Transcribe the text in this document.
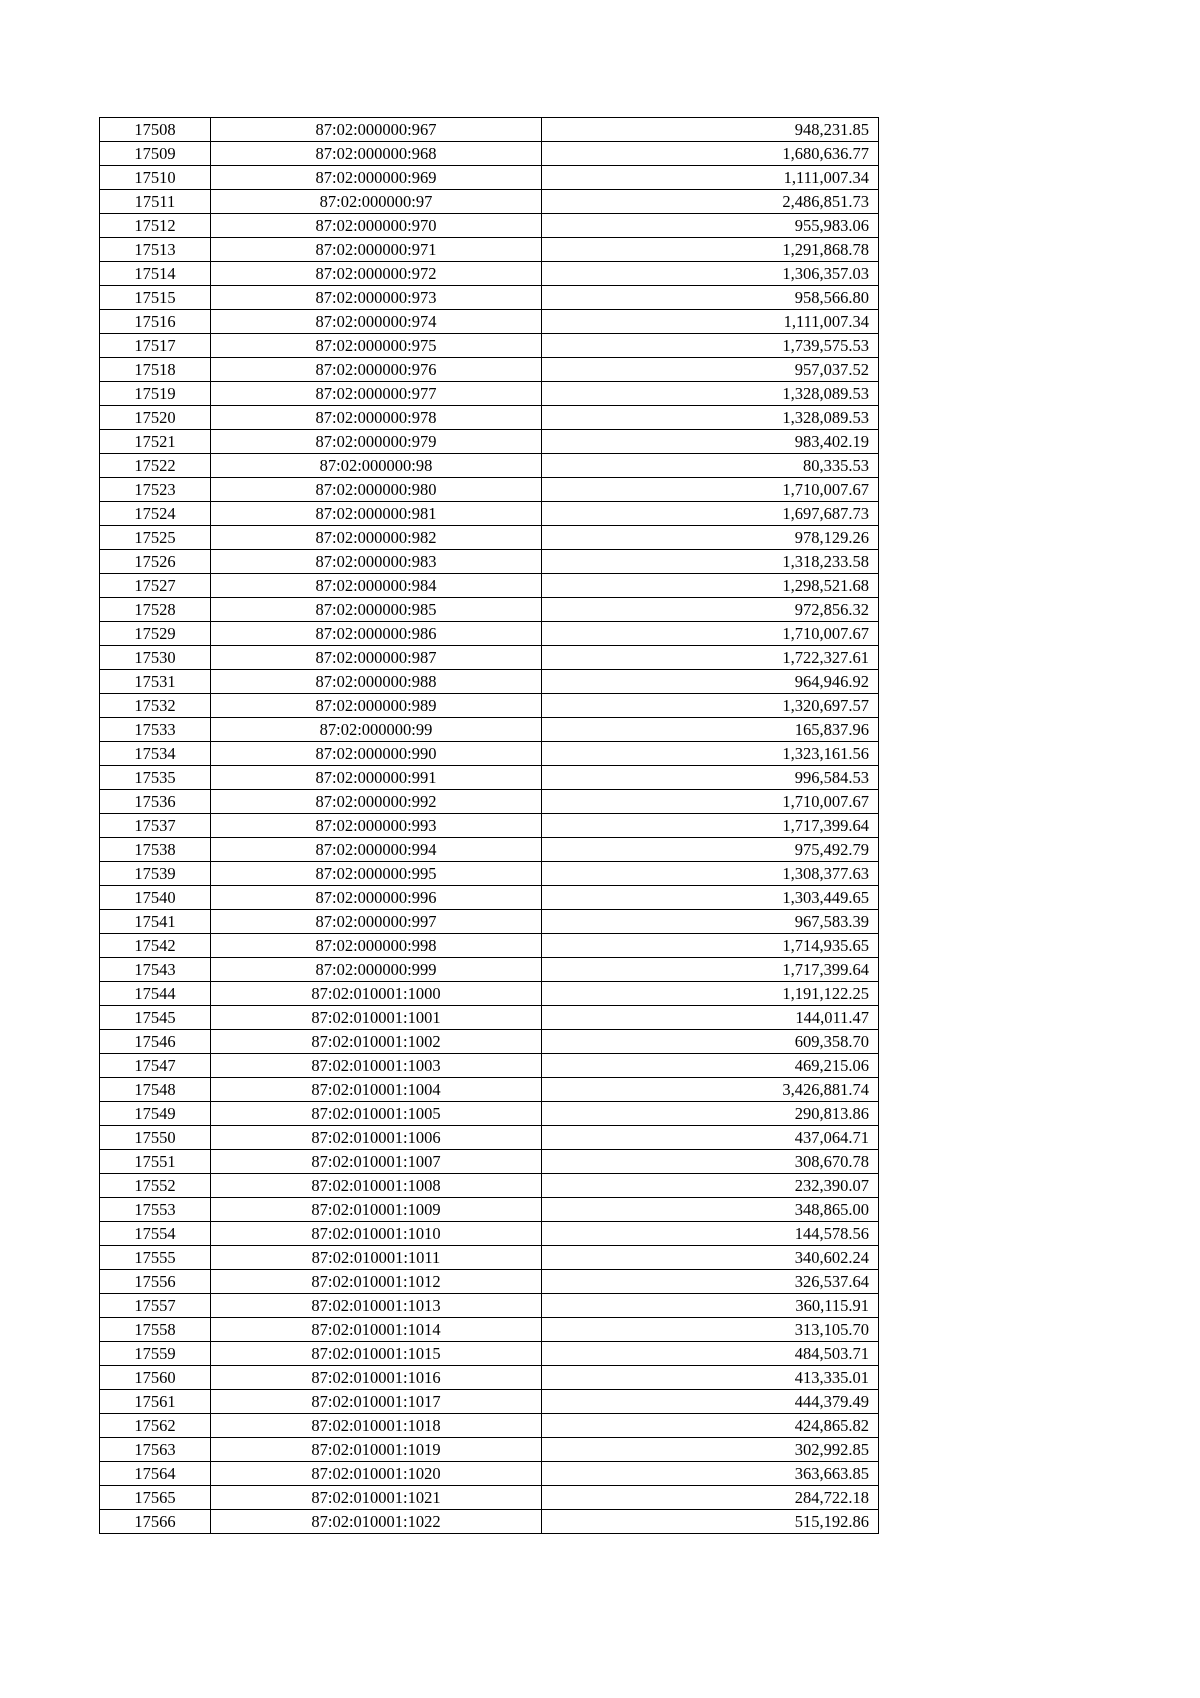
17508	87:02:000000:967	948,231.85
17509	87:02:000000:968	1,680,636.77
17510	87:02:000000:969	1,111,007.34
17511	87:02:000000:97	2,486,851.73
17512	87:02:000000:970	955,983.06
17513	87:02:000000:971	1,291,868.78
17514	87:02:000000:972	1,306,357.03
17515	87:02:000000:973	958,566.80
17516	87:02:000000:974	1,111,007.34
17517	87:02:000000:975	1,739,575.53
17518	87:02:000000:976	957,037.52
17519	87:02:000000:977	1,328,089.53
17520	87:02:000000:978	1,328,089.53
17521	87:02:000000:979	983,402.19
17522	87:02:000000:98	80,335.53
17523	87:02:000000:980	1,710,007.67
17524	87:02:000000:981	1,697,687.73
17525	87:02:000000:982	978,129.26
17526	87:02:000000:983	1,318,233.58
17527	87:02:000000:984	1,298,521.68
17528	87:02:000000:985	972,856.32
17529	87:02:000000:986	1,710,007.67
17530	87:02:000000:987	1,722,327.61
17531	87:02:000000:988	964,946.92
17532	87:02:000000:989	1,320,697.57
17533	87:02:000000:99	165,837.96
17534	87:02:000000:990	1,323,161.56
17535	87:02:000000:991	996,584.53
17536	87:02:000000:992	1,710,007.67
17537	87:02:000000:993	1,717,399.64
17538	87:02:000000:994	975,492.79
17539	87:02:000000:995	1,308,377.63
17540	87:02:000000:996	1,303,449.65
17541	87:02:000000:997	967,583.39
17542	87:02:000000:998	1,714,935.65
17543	87:02:000000:999	1,717,399.64
17544	87:02:010001:1000	1,191,122.25
17545	87:02:010001:1001	144,011.47
17546	87:02:010001:1002	609,358.70
17547	87:02:010001:1003	469,215.06
17548	87:02:010001:1004	3,426,881.74
17549	87:02:010001:1005	290,813.86
17550	87:02:010001:1006	437,064.71
17551	87:02:010001:1007	308,670.78
17552	87:02:010001:1008	232,390.07
17553	87:02:010001:1009	348,865.00
17554	87:02:010001:1010	144,578.56
17555	87:02:010001:1011	340,602.24
17556	87:02:010001:1012	326,537.64
17557	87:02:010001:1013	360,115.91
17558	87:02:010001:1014	313,105.70
17559	87:02:010001:1015	484,503.71
17560	87:02:010001:1016	413,335.01
17561	87:02:010001:1017	444,379.49
17562	87:02:010001:1018	424,865.82
17563	87:02:010001:1019	302,992.85
17564	87:02:010001:1020	363,663.85
17565	87:02:010001:1021	284,722.18
17566	87:02:010001:1022	515,192.86
